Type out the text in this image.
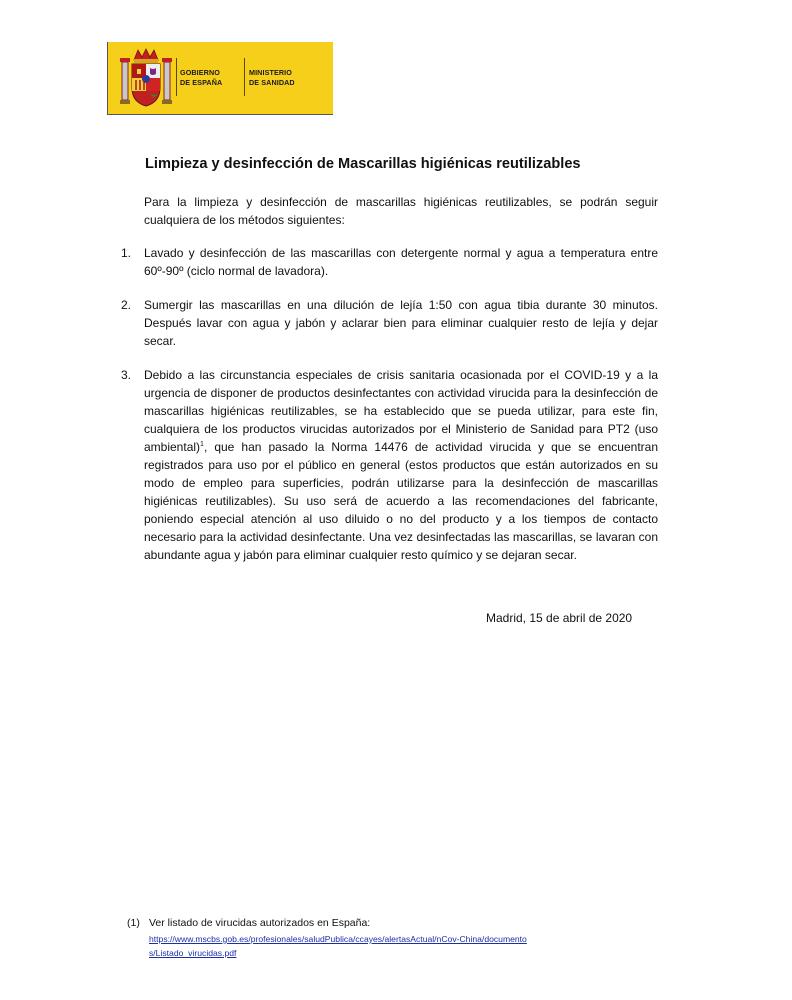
GOBIERNO
DE ESPAÑA
MINISTERIO
DE SANIDAD
Limpieza y desinfección de Mascarillas higiénicas reutilizables
Para la limpieza y desinfección de mascarillas higiénicas reutilizables, se podrán seguir cualquiera de los métodos siguientes:
1. Lavado y desinfección de las mascarillas con detergente normal y agua a temperatura entre 60º-90º (ciclo normal de lavadora).
2. Sumergir las mascarillas en una dilución de lejía 1:50 con agua tibia durante 30 minutos. Después lavar con agua y jabón y aclarar bien para eliminar cualquier resto de lejía y dejar secar.
3. Debido a las circunstancia especiales de crisis sanitaria ocasionada por el COVID-19 y a la urgencia de disponer de productos desinfectantes con actividad virucida para la desinfección de mascarillas higiénicas reutilizables, se ha establecido que se pueda utilizar, para este fin, cualquiera de los productos virucidas autorizados por el Ministerio de Sanidad para PT2 (uso ambiental)$^1$, que han pasado la Norma 14476 de actividad virucida y que se encuentran registrados para uso por el público en general (estos productos que están autorizados en su modo de empleo para superficies, podrán utilizarse para la desinfección de mascarillas higiénicas reutilizables). Su uso será de acuerdo a las recomendaciones del fabricante, poniendo especial atención al uso diluido o no del producto y a los tiempos de contacto necesario para la actividad desinfectante. Una vez desinfectadas las mascarillas, se lavaran con abundante agua y jabón para eliminar cualquier resto químico y se dejaran secar.
Madrid, 15 de abril de 2020
(1) Ver listado de virucidas autorizados en España:
https://www.mscbs.gob.es/profesionales/saludPublica/ccayes/alertasActual/nCov-China/documentos/Listado_virucidas.pdf
